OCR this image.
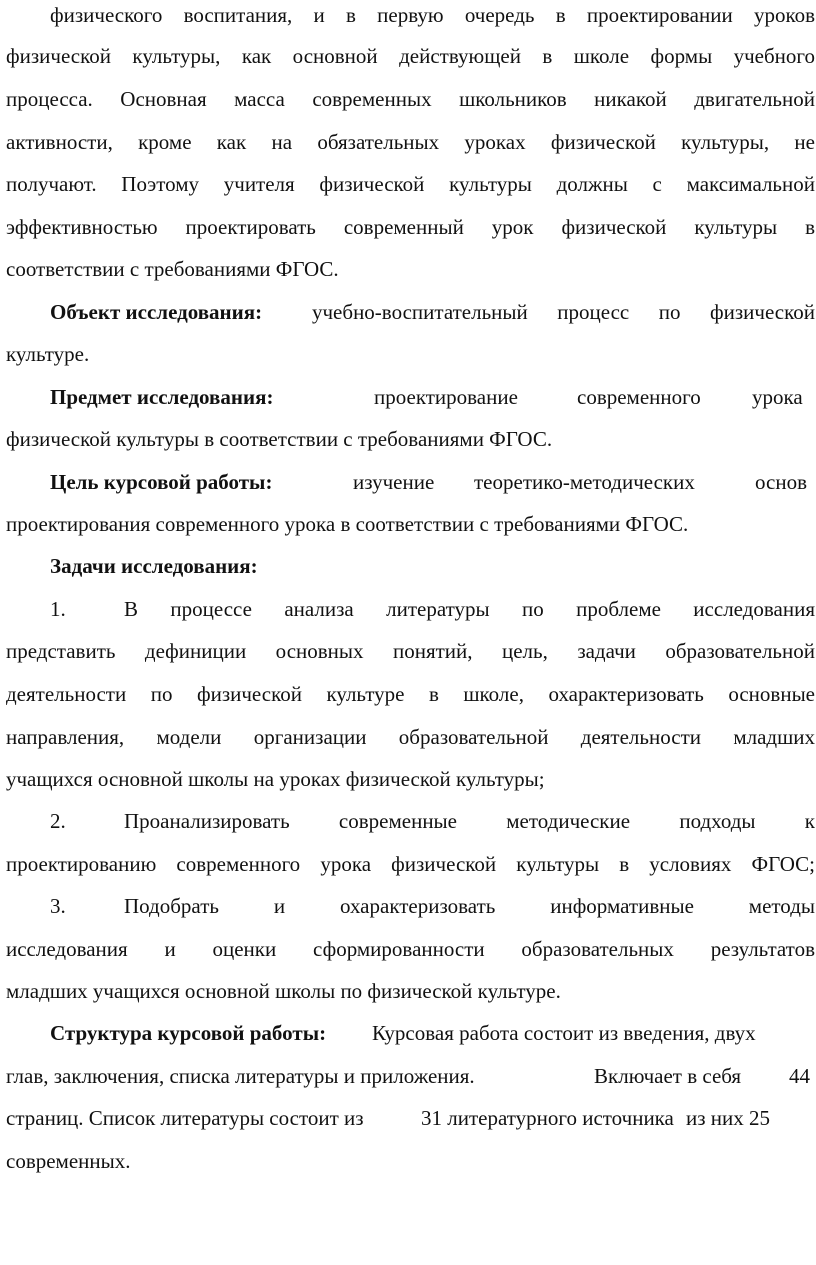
физического воспитания, и в первую очередь в проектировании уроков
физической культуры, как основной действующей в школе формы учебного
процесса. Основная масса современных школьников никакой двигательной
активности, кроме как на обязательных уроках физической культуры, не
получают. Поэтому учителя физической культуры должны с максимальной
эффективностью проектировать современный урок физической культуры в
соответствии с требованиями ФГОС.
Объект исследования: учебно-воспитательный процесс по физической
культуре.
Предмет исследования:	проектирование	современного урока
физической культуры в соответствии с требованиями ФГОС.
Цель курсовой работы:	изучение теоретико-методических	основ
проектирования современного урока в соответствии с требованиями ФГОС.
Задачи исследования:
1.	В процессе анализа литературы по проблеме исследования
представить дефиниции основных понятий, цель, задачи образовательной
деятельности по физической культуре в школе, охарактеризовать основные
направления, модели организации образовательной деятельности младших
учащихся основной школы на уроках физической культуры;
2.	Проанализировать современные методические подходы к
проектированию современного урока физической культуры в условиях ФГОС;
3.	Подобрать и охарактеризовать информативные методы
исследования и оценки сформированности образовательных результатов
младших учащихся основной школы по физической культуре.
Структура курсовой работы: Курсовая работа состоит из введения, двух
глав, заключения, списка литературы и приложения.	Включает в себя 44
страниц. Список литературы состоит из	31 литературного источника из них 25
современных.
